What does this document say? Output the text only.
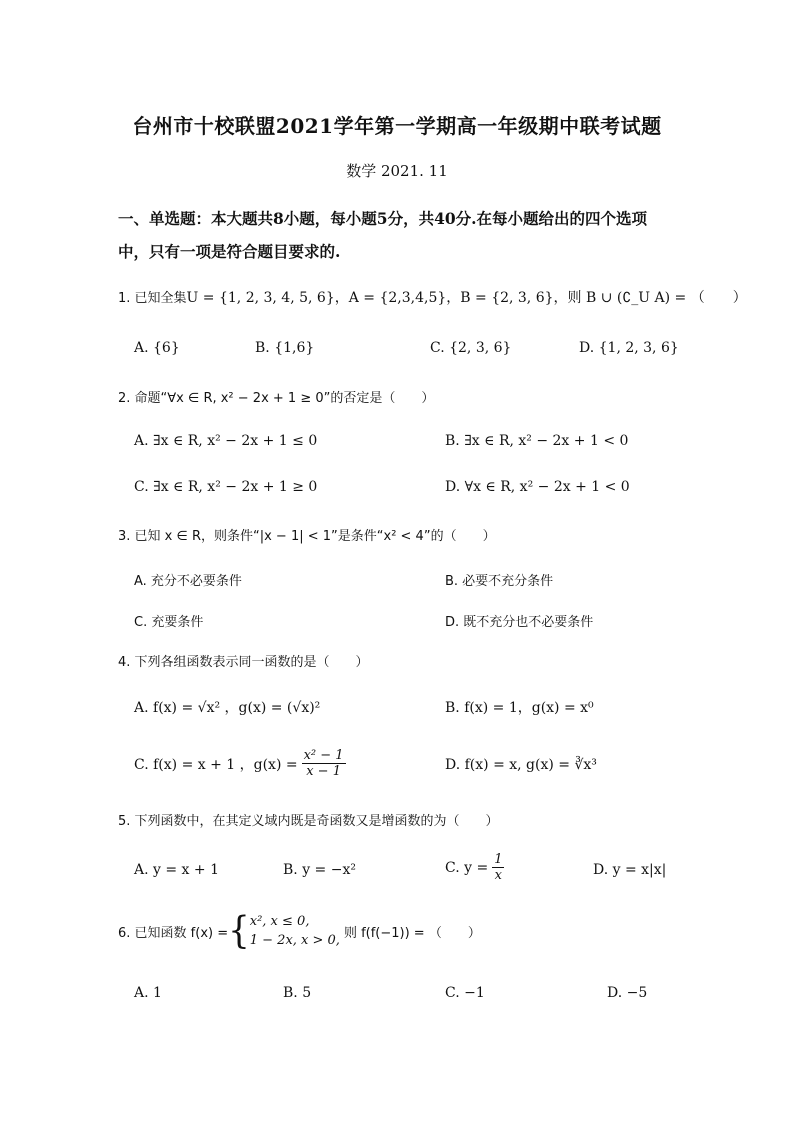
台州市十校联盟2021学年第一学期高一年级期中联考试题
数学 2021. 11
一、单选题：本大题共8小题，每小题5分，共40分.在每小题给出的四个选项中，只有一项是符合题目要求的.
1. 已知全集U = {1, 2, 3, 4, 5, 6}，A = {2,3,4,5}，B = {2, 3, 6}，则 B ∪ (∁_U A) = （　　）
A. {6}	B. {1,6}	C. {2, 3, 6}	D. {1, 2, 3, 6}
2. 命题“∀x ∈ R, x² − 2x + 1 ≥ 0”的否定是（　　）
A. ∃x ∈ R, x² − 2x + 1 ≤ 0	B. ∃x ∈ R, x² − 2x + 1 < 0
C. ∃x ∈ R, x² − 2x + 1 ≥ 0	D. ∀x ∈ R, x² − 2x + 1 < 0
3. 已知 x ∈ R，则条件“|x − 1| < 1”是条件“x² < 4”的（　　）
A. 充分不必要条件	B. 必要不充分条件
C. 充要条件	D. 既不充分也不必要条件
4. 下列各组函数表示同一函数的是（　　）
A. f(x) = √x² ，g(x) = (√x)²	B. f(x) = 1，g(x) = x⁰
C. f(x) = x + 1 ，$g(x) = \frac{\text{x² − 1}}{x - 1}$	D. f(x) = x, g(x) = ∛x³
5. 下列函数中，在其定义域内既是奇函数又是增函数的为（　　）
A. y = x + 1	B. y = −x²	C. $y = \frac{1}{x}$	D. y = x|x|
6. 已知函数 f(x) = { x², x ≤ 0,
1 − 2x, x > 0, 则 f(f(−1)) = （　　）
A. 1	B. 5	C. −1	D. −5
